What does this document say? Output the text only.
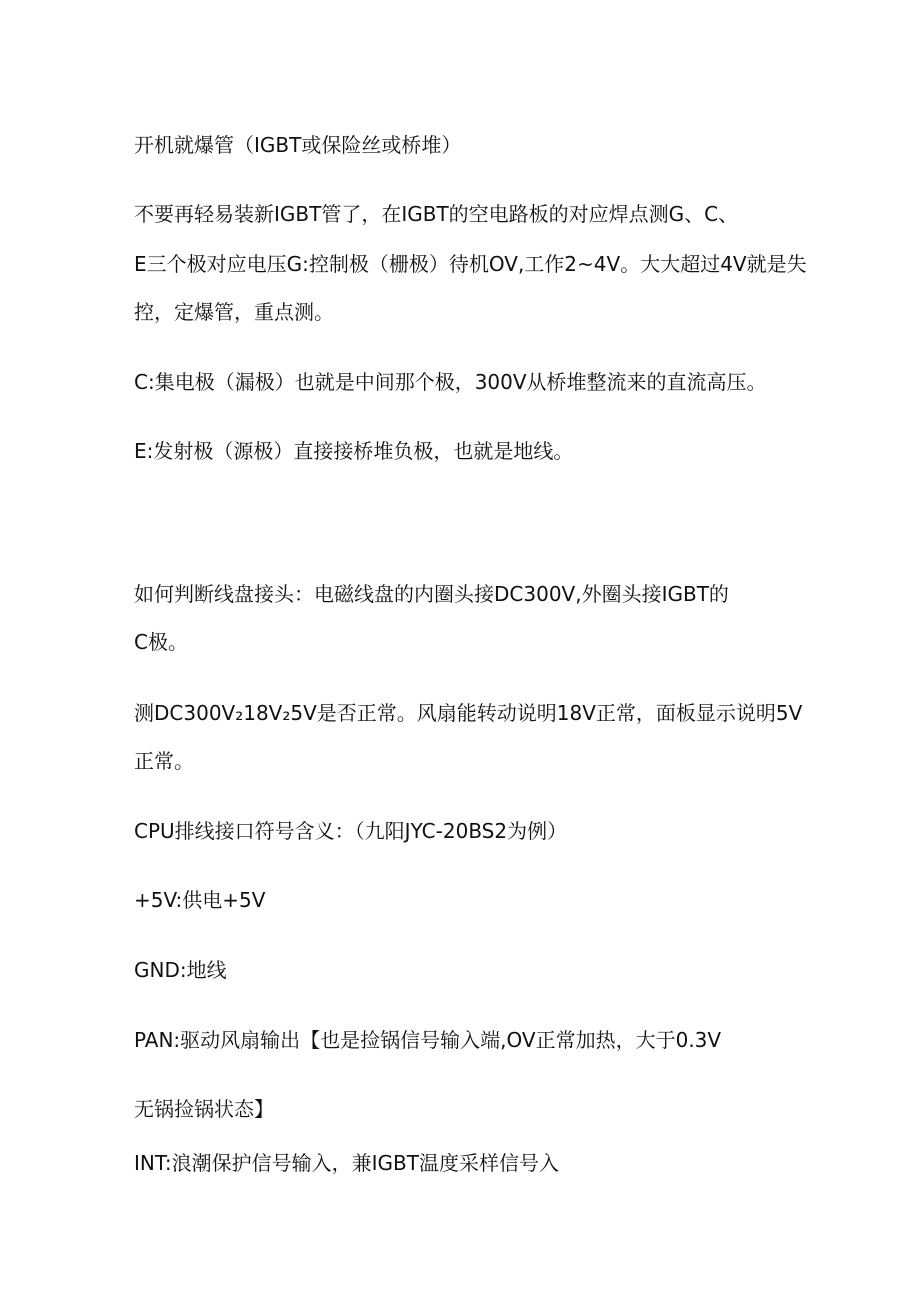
开机就爆管（IGBT或保险丝或桥堆）

不要再轻易装新IGBT管了，在IGBT的空电路板的对应焊点测G、C、

E三个极对应电压G:控制极（栅极）待机OV,工作2~4V。大大超过4V就是失

控，定爆管，重点测。

C:集电极（漏极）也就是中间那个极，300V从桥堆整流来的直流高压。

E:发射极（源极）直接接桥堆负极，也就是地线。

如何判断线盘接头：电磁线盘的内圈头接DC300V,外圈头接IGBT的

C极。

测DC300V₂18V₂5V是否正常。风扇能转动说明18V正常，面板显示说明5V

正常。

CPU排线接口符号含义：（九阳JYC-20BS2为例）

+5V:供电+5V

GND:地线

PAN:驱动风扇输出【也是捡锅信号输入端,OV正常加热，大于0.3V

无锅捡锅状态】

INT:浪潮保护信号输入，兼IGBT温度采样信号入
